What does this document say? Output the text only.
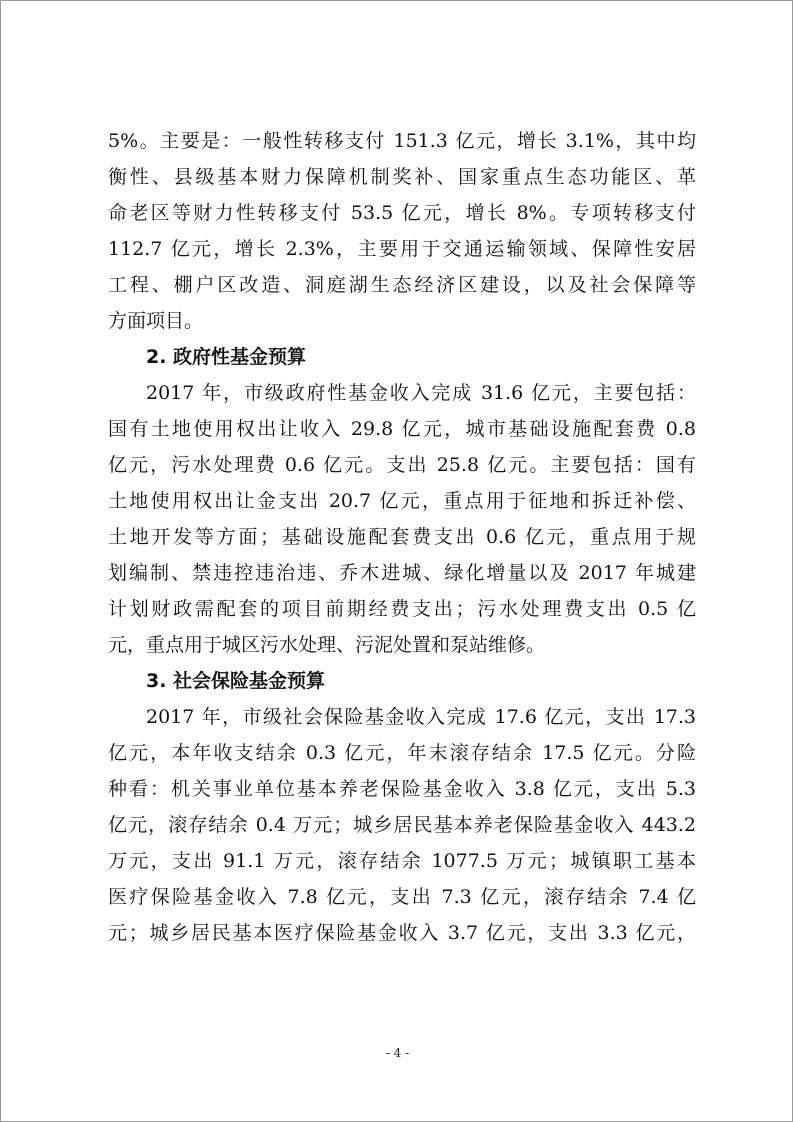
5%。主要是：一般性转移支付 151.3 亿元，增长 3.1%，其中均
衡性、县级基本财力保障机制奖补、国家重点生态功能区、革
命老区等财力性转移支付 53.5 亿元，增长 8%。专项转移支付
112.7 亿元，增长 2.3%，主要用于交通运输领域、保障性安居
工程、棚户区改造、洞庭湖生态经济区建设，以及社会保障等
方面项目。
2. 政府性基金预算
2017 年，市级政府性基金收入完成 31.6 亿元，主要包括：
国有土地使用权出让收入 29.8 亿元，城市基础设施配套费 0.8
亿元，污水处理费 0.6 亿元。支出 25.8 亿元。主要包括：国有
土地使用权出让金支出 20.7 亿元，重点用于征地和拆迁补偿、
土地开发等方面；基础设施配套费支出 0.6 亿元，重点用于规
划编制、禁违控违治违、乔木进城、绿化增量以及 2017 年城建
计划财政需配套的项目前期经费支出；污水处理费支出 0.5 亿
元，重点用于城区污水处理、污泥处置和泵站维修。
3. 社会保险基金预算
2017 年，市级社会保险基金收入完成 17.6 亿元，支出 17.3
亿元，本年收支结余 0.3 亿元，年末滚存结余 17.5 亿元。分险
种看：机关事业单位基本养老保险基金收入 3.8 亿元，支出 5.3
亿元，滚存结余 0.4 万元；城乡居民基本养老保险基金收入 443.2
万元，支出 91.1 万元，滚存结余 1077.5 万元；城镇职工基本
医疗保险基金收入 7.8 亿元，支出 7.3 亿元，滚存结余 7.4 亿
元；城乡居民基本医疗保险基金收入 3.7 亿元，支出 3.3 亿元，
- 4 -
